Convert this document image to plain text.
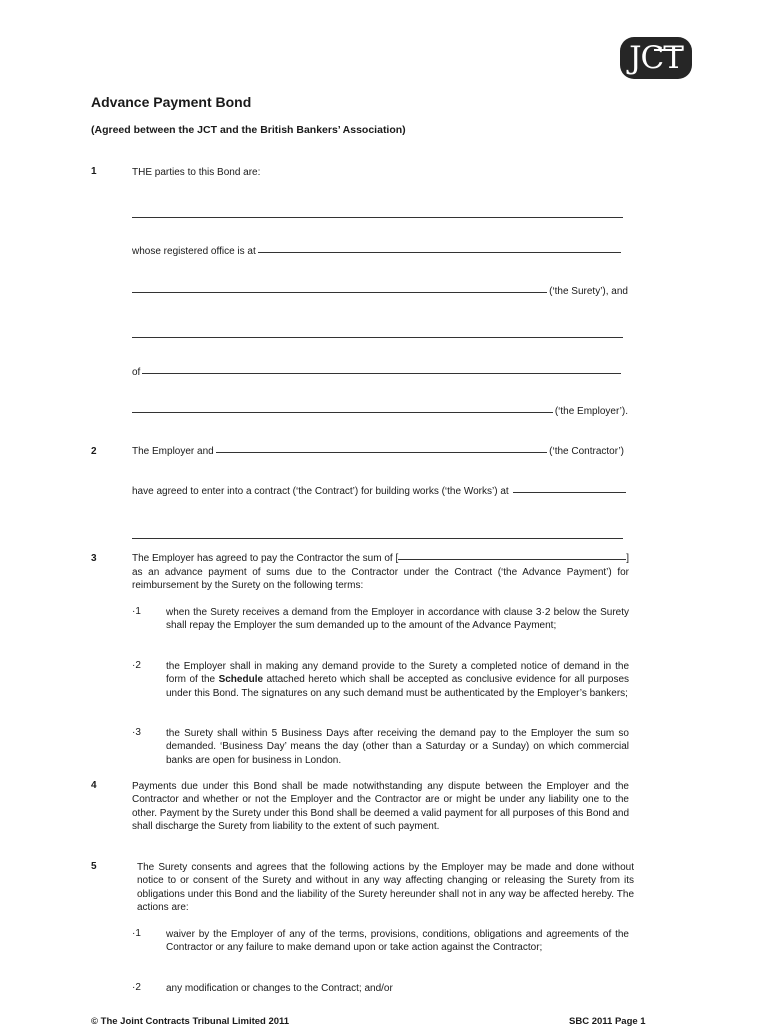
JCT
Advance Payment Bond
(Agreed between the JCT and the British Bankers’ Association)
1	THE parties to this Bond are:
whose registered office is at
(‘the Surety’), and
of
(‘the Employer’).
2	The Employer and	(‘the Contractor’)
have agreed to enter into a contract (‘the Contract’) for building works (‘the Works’) at
3	The Employer has agreed to pay the Contractor the sum of [	]
as an advance payment of sums due to the Contractor under the Contract (‘the Advance Payment’) for reimbursement by the Surety on the following terms:
·1	when the Surety receives a demand from the Employer in accordance with clause 3·2 below the Surety shall repay the Employer the sum demanded up to the amount of the Advance Payment;
·2	the Employer shall in making any demand provide to the Surety a completed notice of demand in the form of the Schedule attached hereto which shall be accepted as conclusive evidence for all purposes under this Bond. The signatures on any such demand must be authenticated by the Employer’s bankers;
·3	the Surety shall within 5 Business Days after receiving the demand pay to the Employer the sum so demanded. ‘Business Day’ means the day (other than a Saturday or a Sunday) on which commercial banks are open for business in London.
4	Payments due under this Bond shall be made notwithstanding any dispute between the Employer and the Contractor and whether or not the Employer and the Contractor are or might be under any liability one to the other. Payment by the Surety under this Bond shall be deemed a valid payment for all purposes of this Bond and shall discharge the Surety from liability to the extent of such payment.
5	The Surety consents and agrees that the following actions by the Employer may be made and done without notice to or consent of the Surety and without in any way affecting changing or releasing the Surety from its obligations under this Bond and the liability of the Surety hereunder shall not in any way be affected hereby. The actions are:
·1	waiver by the Employer of any of the terms, provisions, conditions, obligations and agreements of the Contractor or any failure to make demand upon or take action against the Contractor;
·2	any modification or changes to the Contract; and/or
© The Joint Contracts Tribunal Limited 2011	SBC 2011 Page 1
